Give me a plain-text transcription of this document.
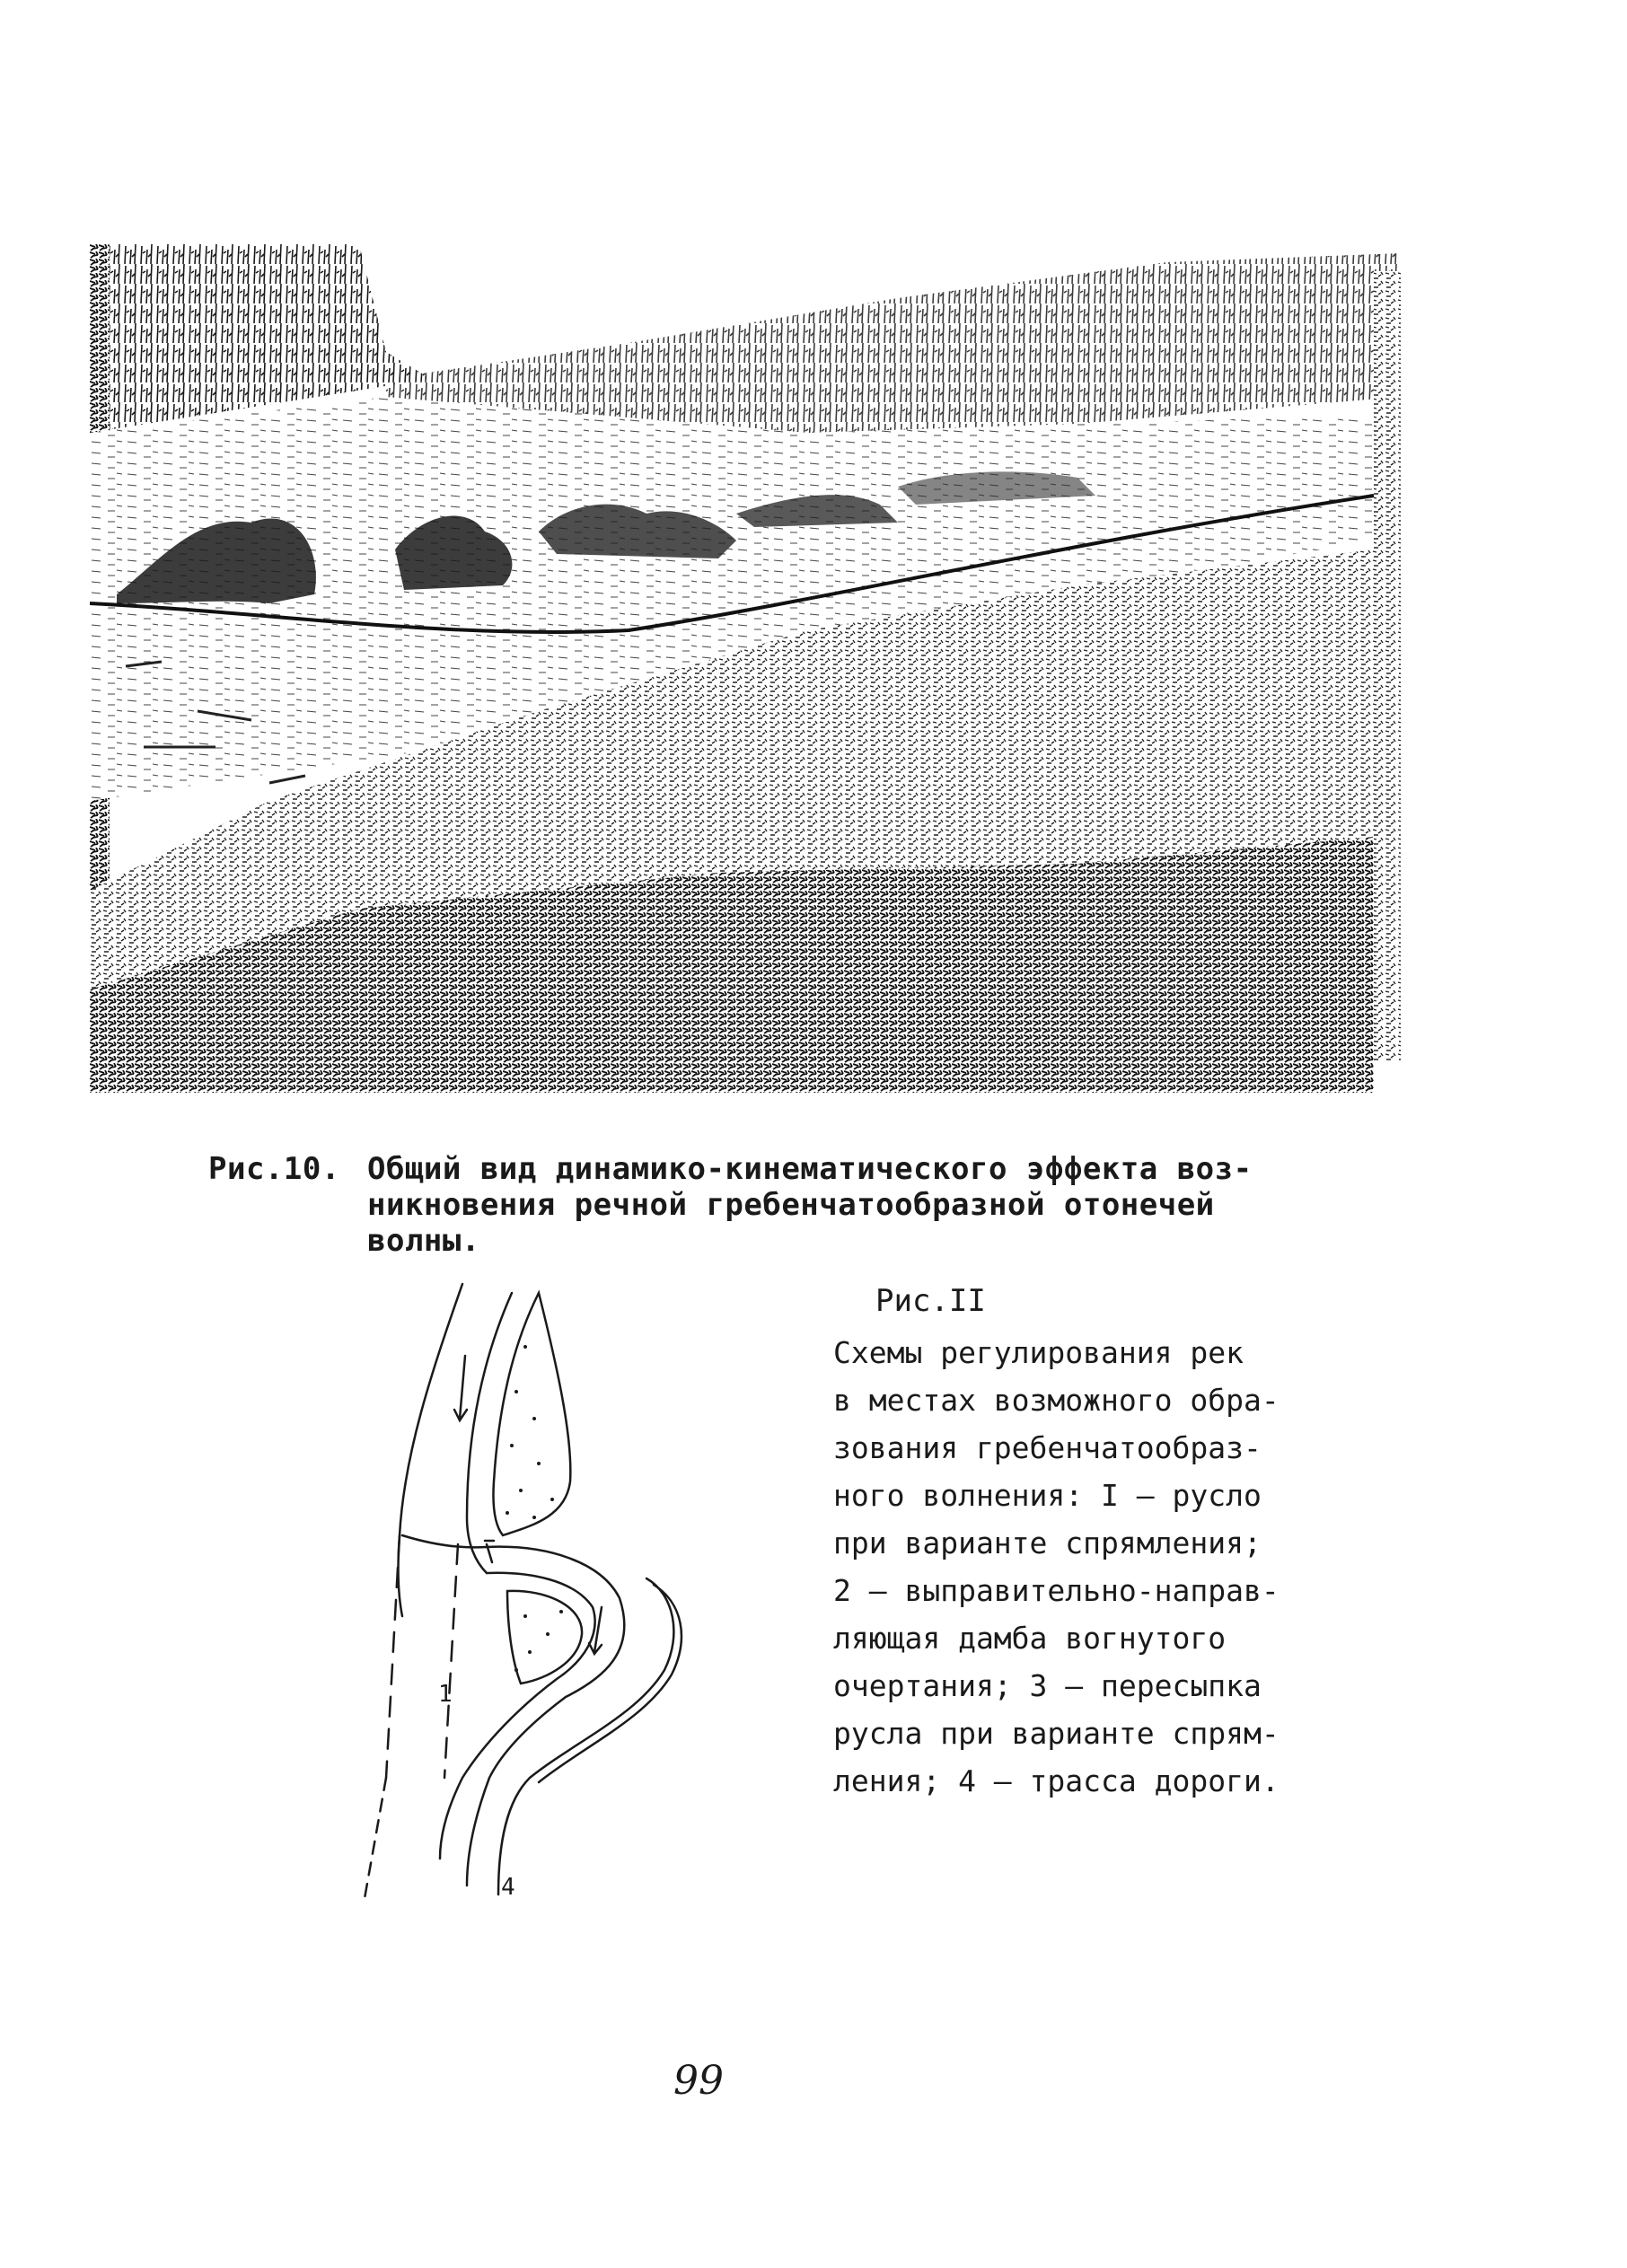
Рис.10. Общий вид динамико-кинематического эффекта воз-
никновения речной гребенчатообразной отонечей
волны.
1
4
Рис.II
Схемы регулирования рек
в местах возможного обра-
зования гребенчатообраз-
ного волнения: I – русло
при варианте спрямления;
2 – выправительно-направ-
ляющая дамба вогнутого
очертания; 3 – пересыпка
русла при варианте спрям-
ления; 4 – трасса дороги.
99
